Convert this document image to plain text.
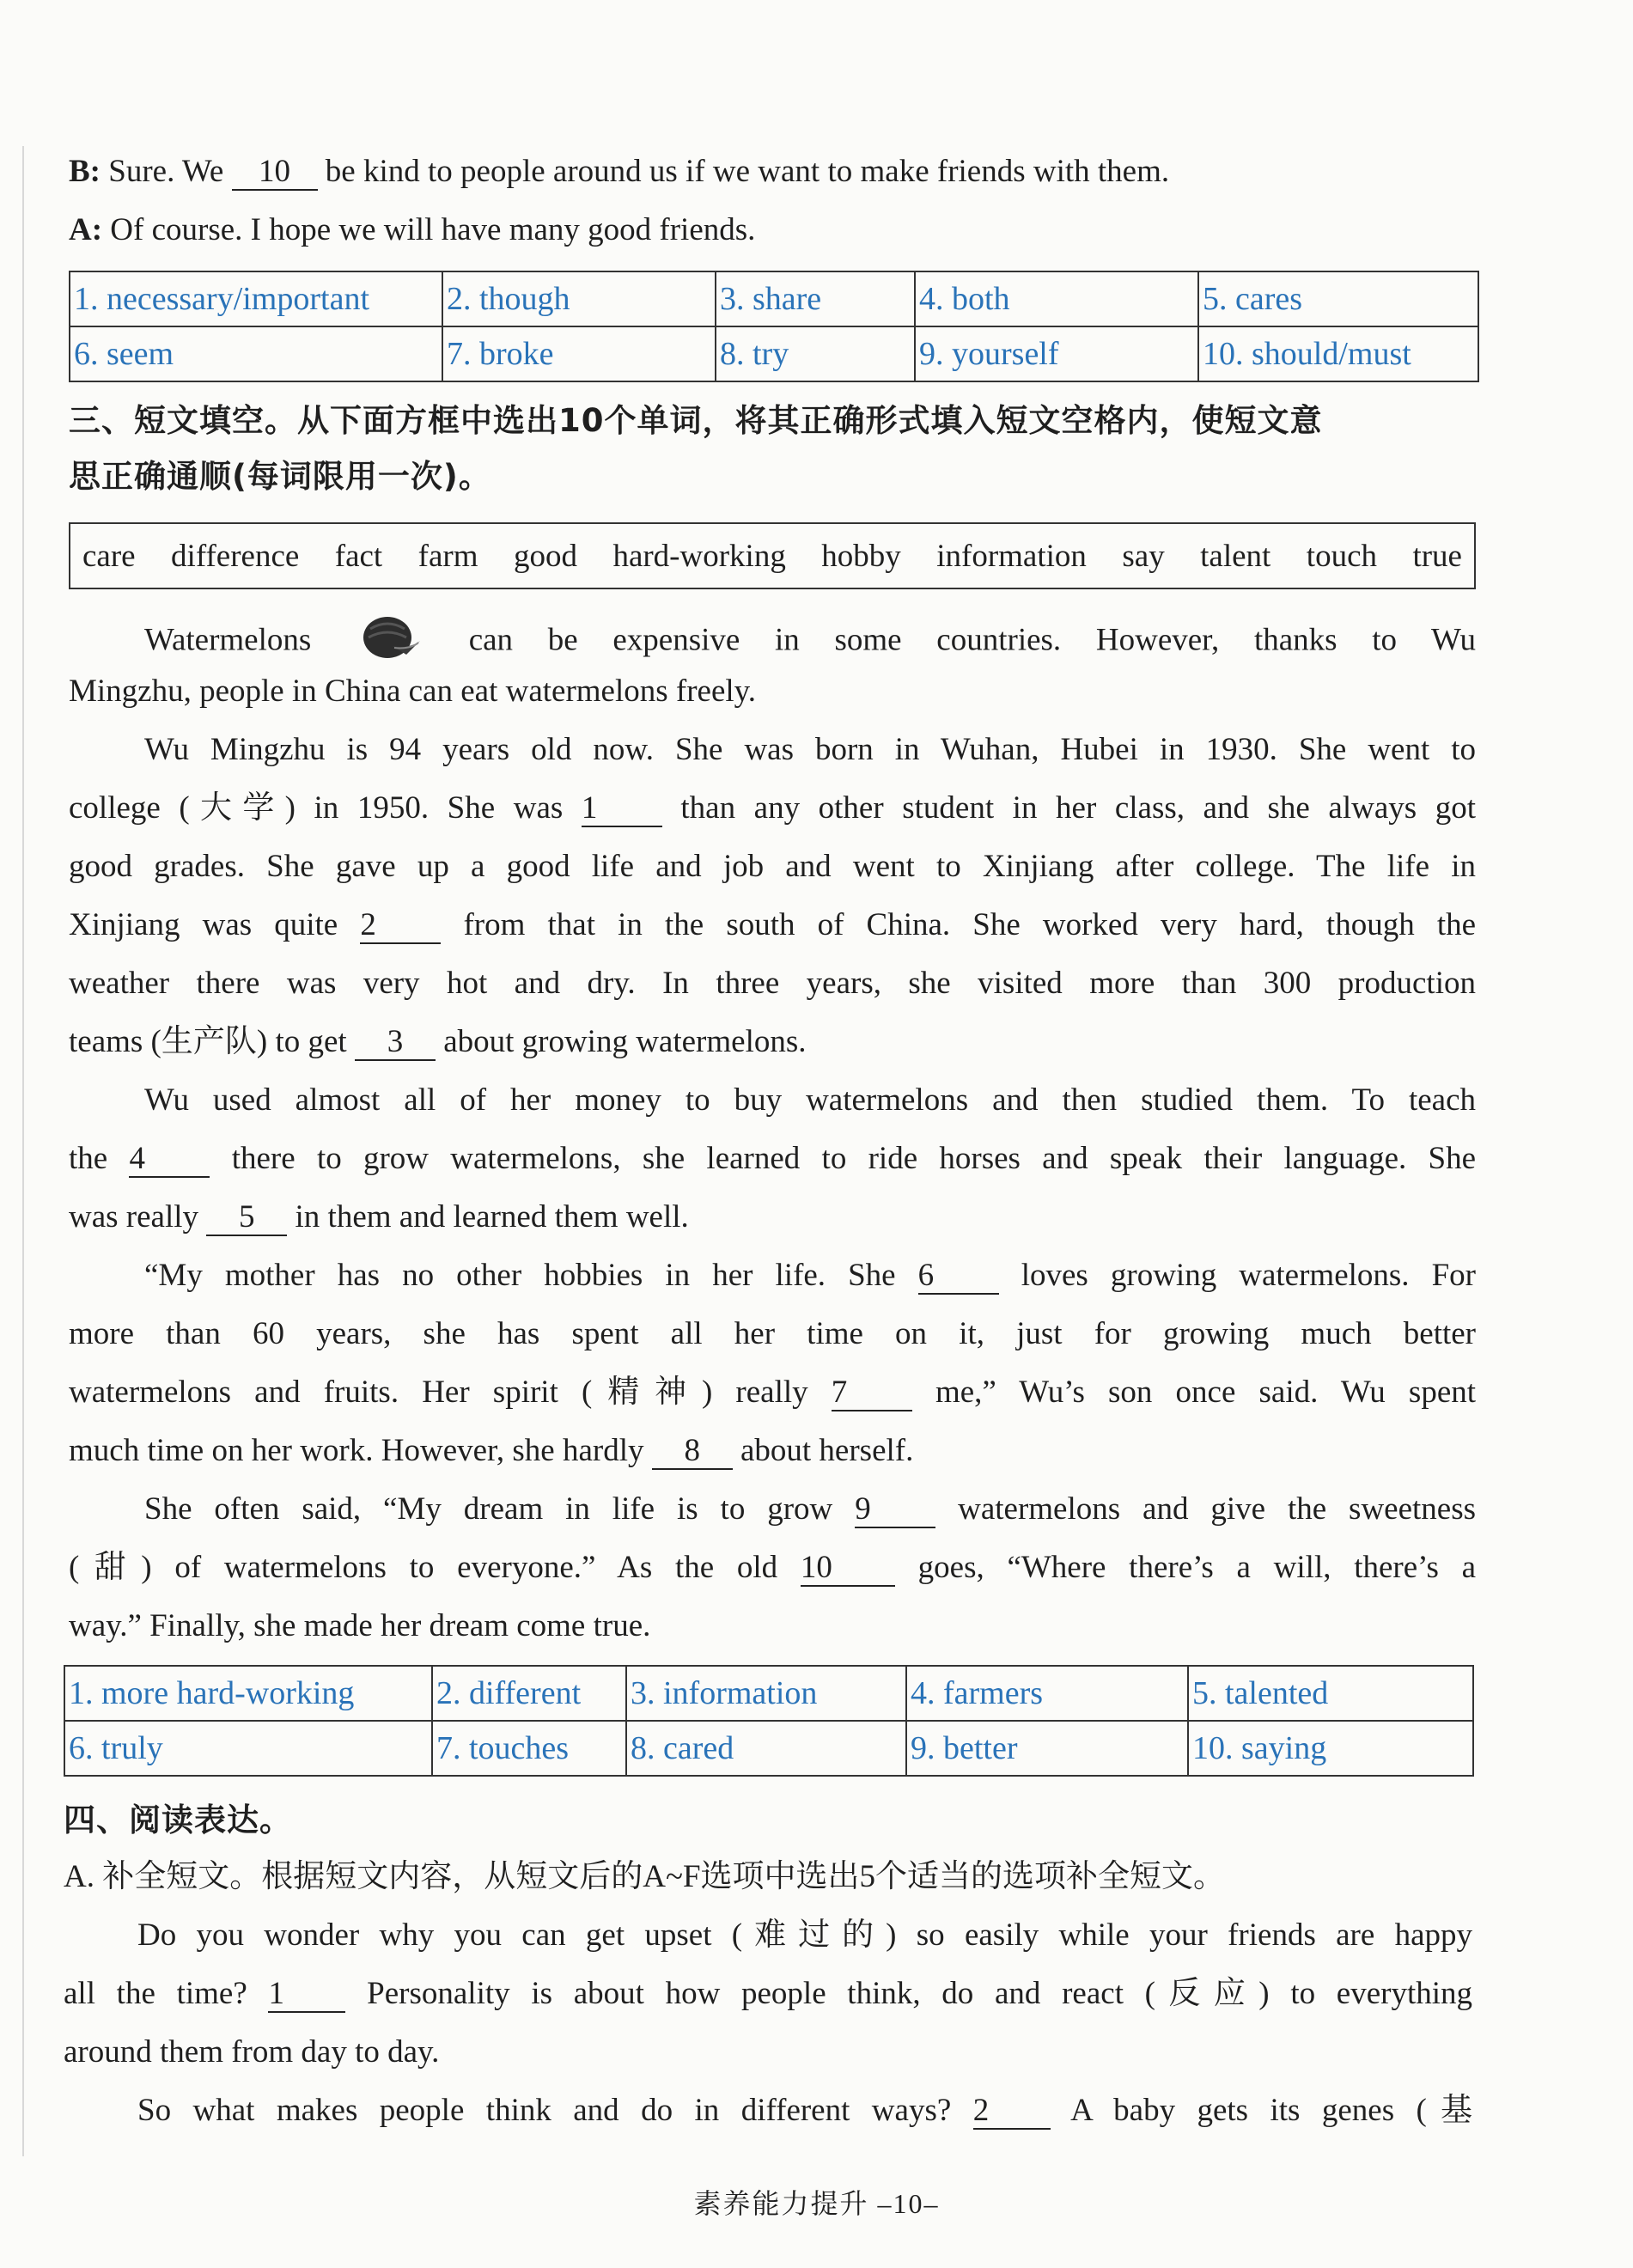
B: Sure. We 10 be kind to people around us if we want to make friends with them.
A: Of course. I hope we will have many good friends.
1. necessary/important	2. though	3. share	4. both	5. cares
6. seem	7. broke	8. try	9. yourself	10. should/must
三、短文填空。从下面方框中选出10个单词，将其正确形式填入短文空格内，使短文意
思正确通顺(每词限用一次)。
care difference fact farm good hard-working hobby information say talent touch true
Watermelons	can be expensive in some countries. However, thanks to Wu
Mingzhu, people in China can eat watermelons freely.
Wu Mingzhu is 94 years old now. She was born in Wuhan, Hubei in 1930. She went to
college (大学) in 1950. She was 1	than any other student in her class, and she always got
good grades. She gave up a good life and job and went to Xinjiang after college. The life in
Xinjiang was quite 2	from that in the south of China. She worked very hard, though the
weather there was very hot and dry. In three years, she visited more than 300 production
teams (生产队) to get 3 about growing watermelons.
Wu used almost all of her money to buy watermelons and then studied them. To teach
the 4	there to grow watermelons, she learned to ride horses and speak their language. She
was really 5 in them and learned them well.
“My mother has no other hobbies in her life. She 6	loves growing watermelons. For
more than 60 years, she has spent all her time on it, just for growing much better
watermelons and fruits. Her spirit (精神) really 7	me,” Wu’s son once said. Wu spent
much time on her work. However, she hardly 8 about herself.
She often said, “My dream in life is to grow 9	watermelons and give the sweetness
(甜) of watermelons to everyone.” As the old 10	goes, “Where there’s a will, there’s a
way.” Finally, she made her dream come true.
1. more hard-working	2. different	3. information	4. farmers	5. talented
6. truly	7. touches	8. cared	9. better	10. saying
四、阅读表达。
A. 补全短文。根据短文内容，从短文后的A~F选项中选出5个适当的选项补全短文。
Do you wonder why you can get upset (难过的) so easily while your friends are happy
all the time? 1	Personality is about how people think, do and react (反应) to everything
around them from day to day.
So what makes people think and do in different ways? 2	A baby gets its genes (基
素养能力提升 –10–
